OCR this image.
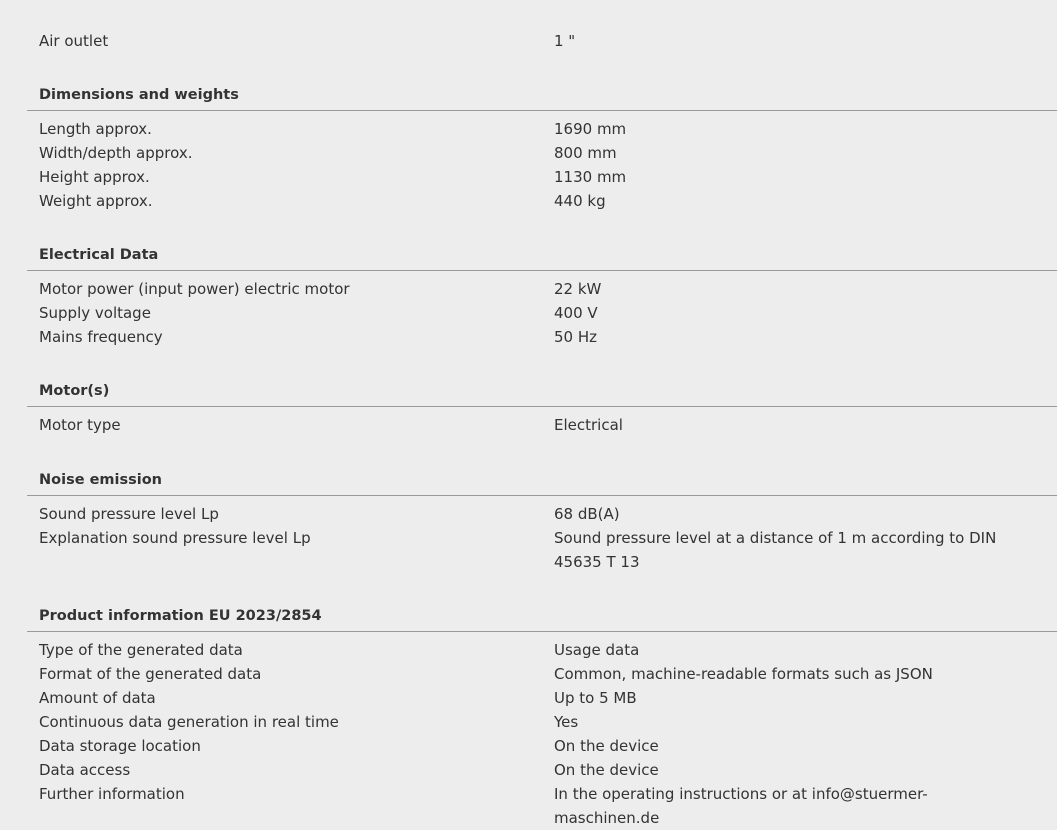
Air outlet	1 "
Dimensions and weights
Length approx.	1690 mm
Width/depth approx.	800 mm
Height approx.	1130 mm
Weight approx.	440 kg
Electrical Data
Motor power (input power) electric motor	22 kW
Supply voltage	400 V
Mains frequency	50 Hz
Motor(s)
Motor type	Electrical
Noise emission
Sound pressure level Lp	68 dB(A)
Explanation sound pressure level Lp	Sound pressure level at a distance of 1 m according to DIN 45635 T 13
Product information EU 2023/2854
Type of the generated data	Usage data
Format of the generated data	Common, machine-readable formats such as JSON
Amount of data	Up to 5 MB
Continuous data generation in real time	Yes
Data storage location	On the device
Data access	On the device
Further information	In the operating instructions or at info@stuermer-maschinen.de
